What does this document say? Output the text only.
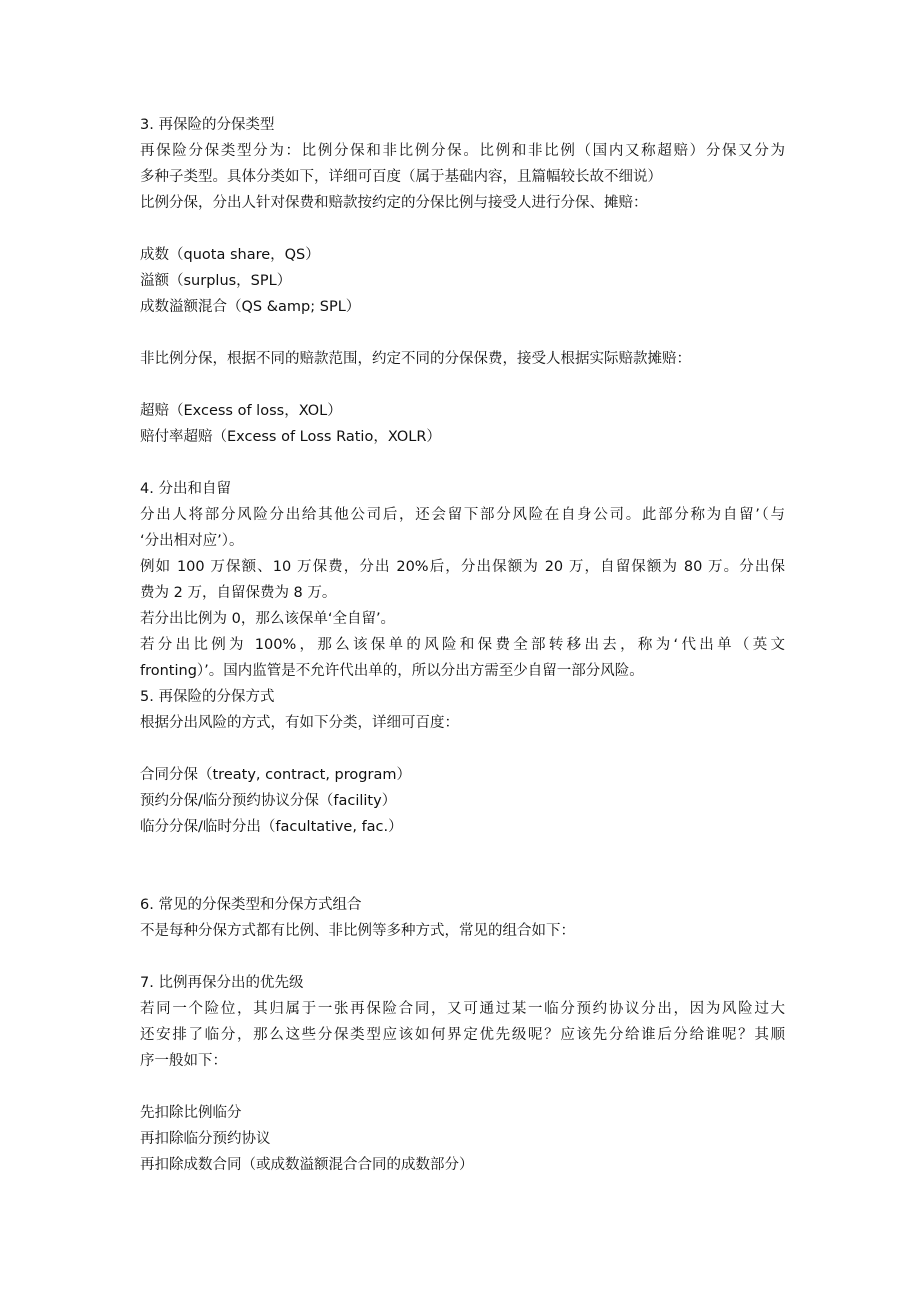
3. 再保险的分保类型
再保险分保类型分为：比例分保和非比例分保。比例和非比例（国内又称超赔）分保又分为
多种子类型。具体分类如下，详细可百度（属于基础内容，且篇幅较长故不细说）
比例分保，分出人针对保费和赔款按约定的分保比例与接受人进行分保、摊赔：
成数（quota share，QS）
溢额（surplus，SPL）
成数溢额混合（QS &amp; SPL）
非比例分保，根据不同的赔款范围，约定不同的分保保费，接受人根据实际赔款摊赔：
超赔（Excess of loss，XOL）
赔付率超赔（Excess of Loss Ratio，XOLR）
4. 分出和自留
分出人将部分风险分出给其他公司后，还会留下部分风险在自身公司。此部分称为自留’（与
‘分出相对应’）。
例如 100 万保额、10 万保费，分出 20%后，分出保额为 20 万，自留保额为 80 万。分出保
费为 2 万，自留保费为 8 万。
若分出比例为 0，那么该保单‘全自留’。
若分出比例为 100%，那么该保单的风险和保费全部转移出去，称为‘代出单（英文
fronting）’。国内监管是不允许代出单的，所以分出方需至少自留一部分风险。
5. 再保险的分保方式
根据分出风险的方式，有如下分类，详细可百度：
合同分保（treaty, contract, program）
预约分保/临分预约协议分保（facility）
临分分保/临时分出（facultative, fac.）
6. 常见的分保类型和分保方式组合
不是每种分保方式都有比例、非比例等多种方式，常见的组合如下：
7. 比例再保分出的优先级
若同一个险位，其归属于一张再保险合同，又可通过某一临分预约协议分出，因为风险过大
还安排了临分，那么这些分保类型应该如何界定优先级呢？应该先分给谁后分给谁呢？其顺
序一般如下：
先扣除比例临分
再扣除临分预约协议
再扣除成数合同（或成数溢额混合合同的成数部分）
